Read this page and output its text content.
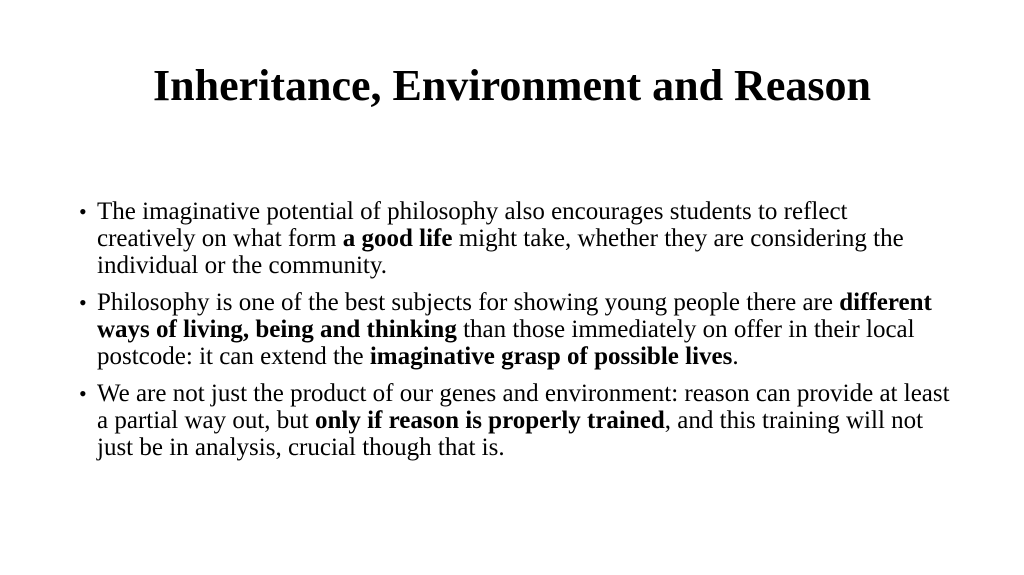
Inheritance, Environment and Reason
• The imaginative potential of philosophy also encourages students to reflect creatively on what form a good life might take, whether they are considering the individual or the community.
• Philosophy is one of the best subjects for showing young people there are different ways of living, being and thinking than those immediately on offer in their local postcode: it can extend the imaginative grasp of possible lives.
• We are not just the product of our genes and environment: reason can provide at least a partial way out, but only if reason is properly trained, and this training will not just be in analysis, crucial though that is.
